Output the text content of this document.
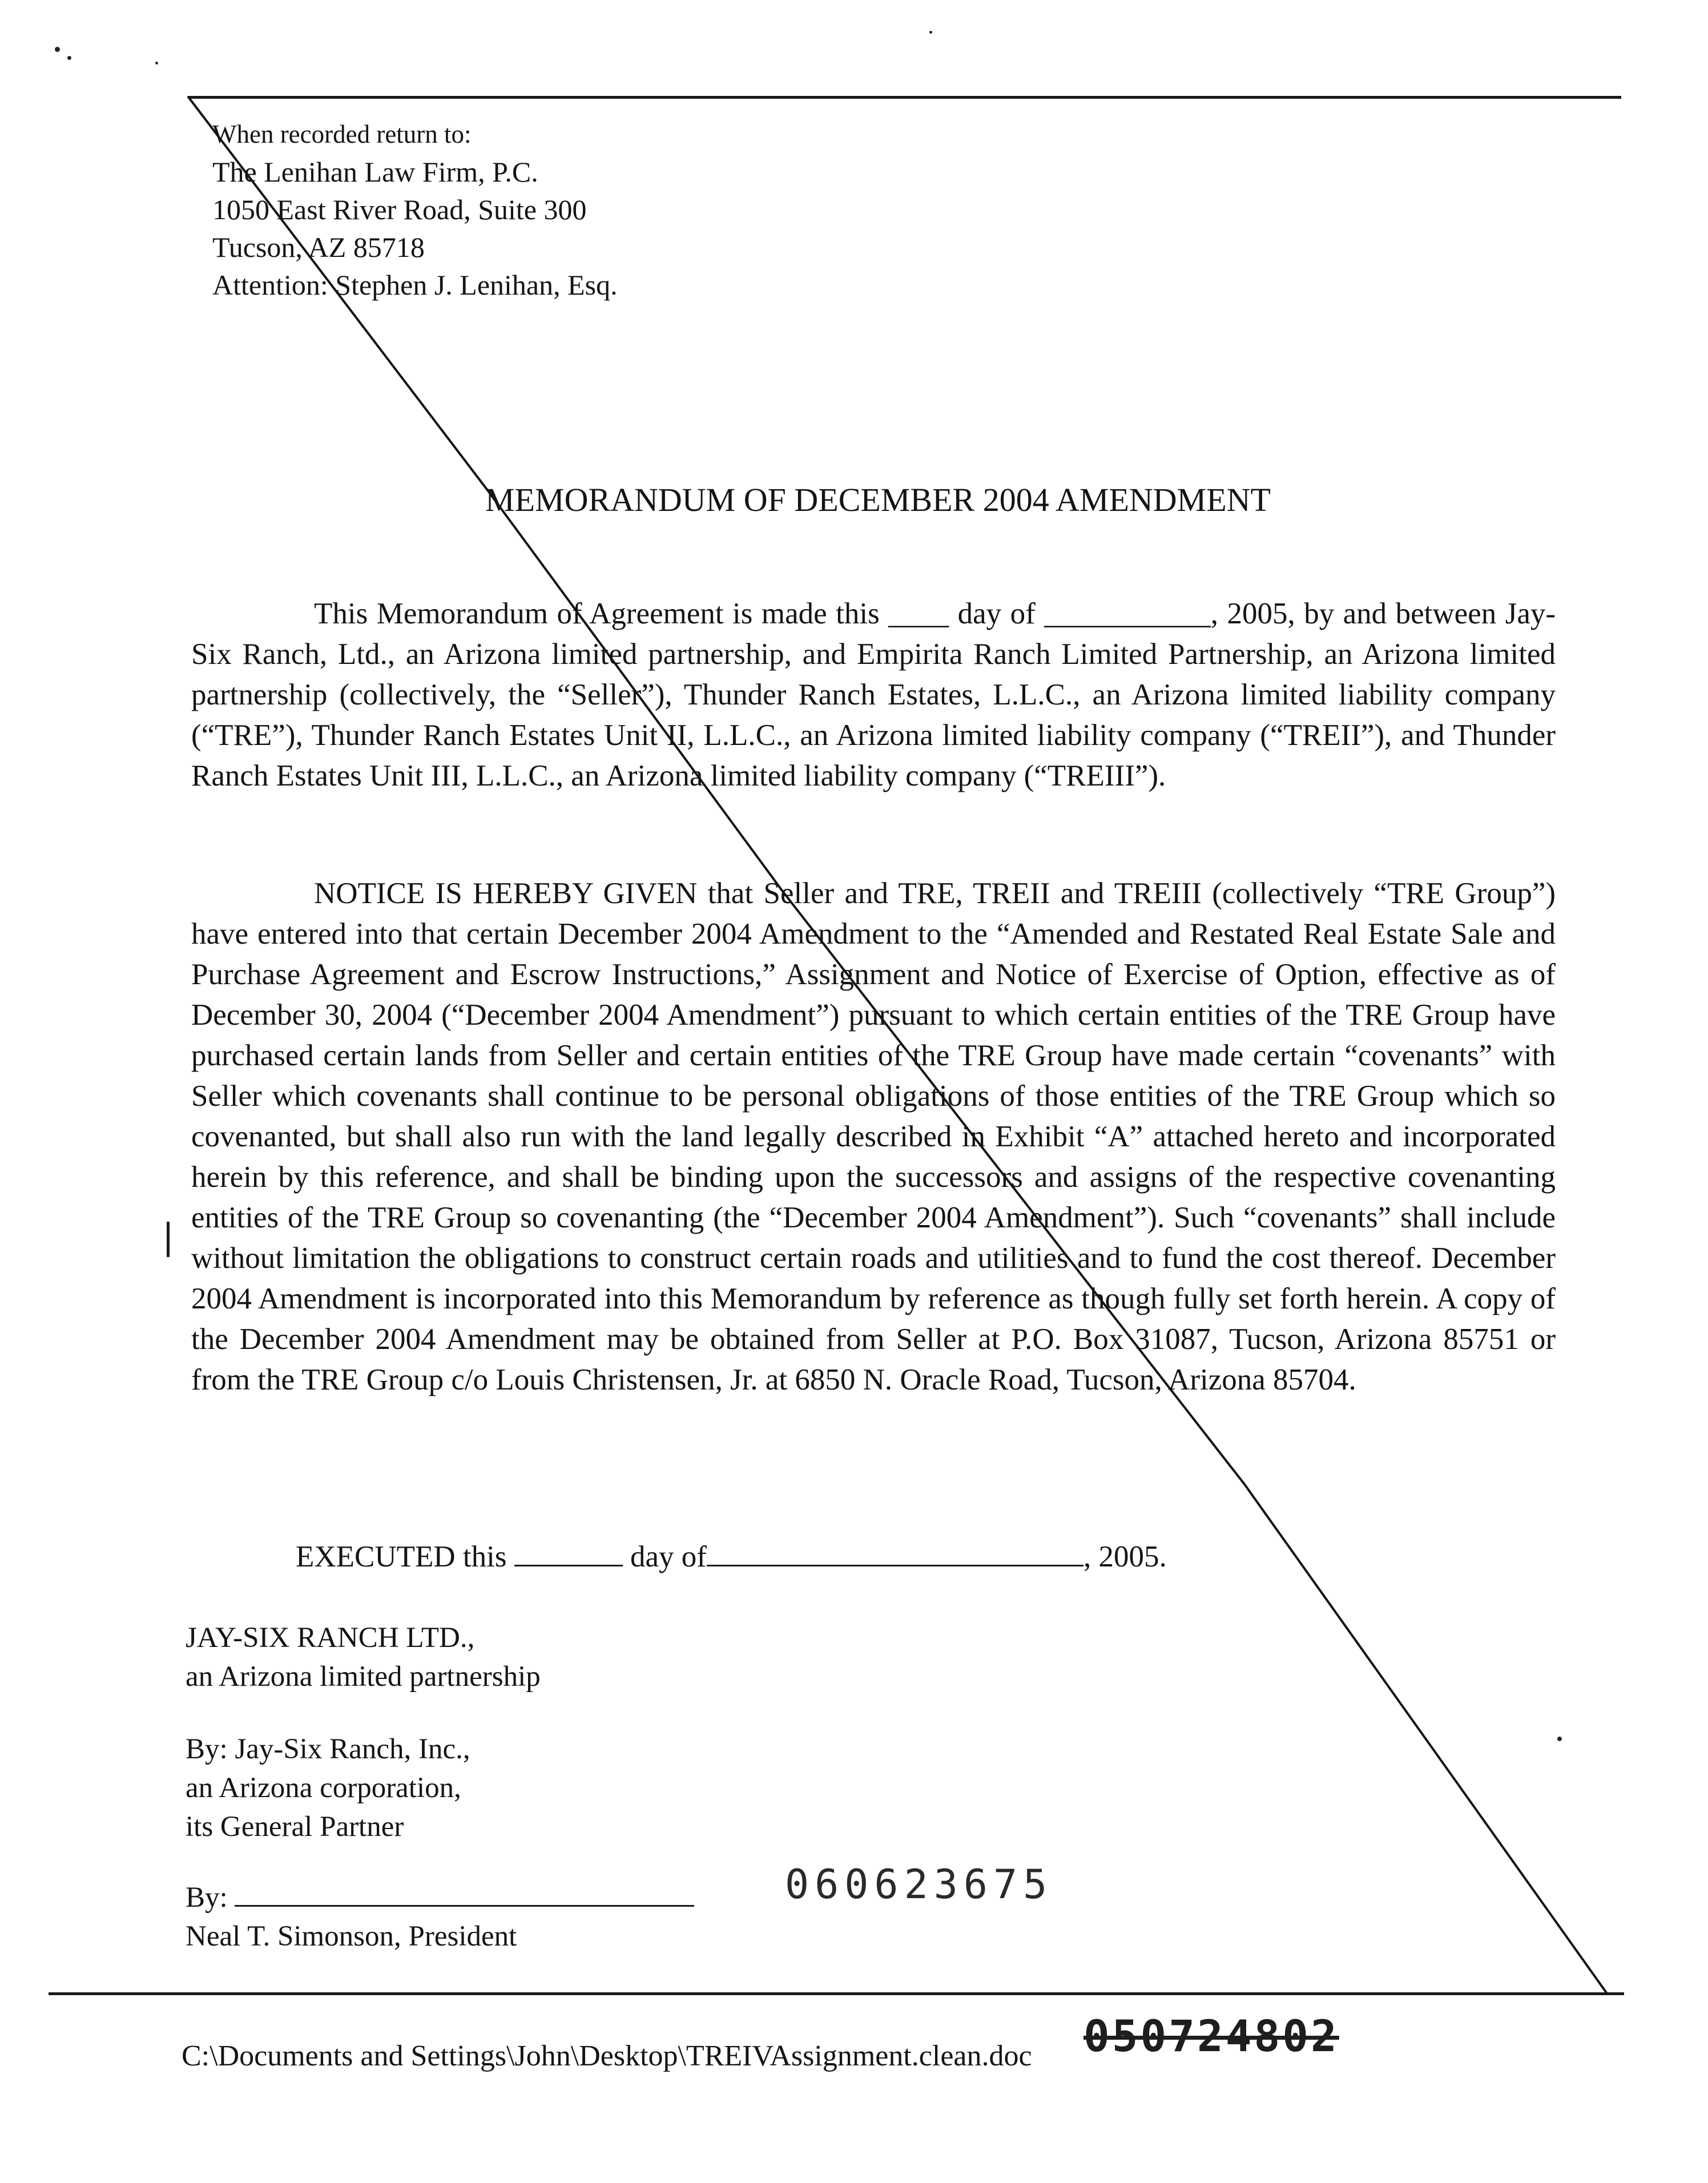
When recorded return to:
The Lenihan Law Firm, P.C.
1050 East River Road, Suite 300
Tucson, AZ 85718
Attention: Stephen J. Lenihan, Esq.
MEMORANDUM OF DECEMBER 2004 AMENDMENT

This Memorandum of Agreement is made this ____ day of ___________, 2005, by and between Jay-Six Ranch, Ltd., an Arizona limited partnership, and Empirita Ranch Limited Partnership, an Arizona limited partnership (collectively, the “Seller”), Thunder Ranch Estates, L.L.C., an Arizona limited liability company (“TRE”), Thunder Ranch Estates Unit II, L.L.C., an Arizona limited liability company (“TREII”), and Thunder Ranch Estates Unit III, L.L.C., an Arizona limited liability company (“TREIII”).

NOTICE IS HEREBY GIVEN that Seller and TRE, TREII and TREIII (collectively “TRE Group”) have entered into that certain December 2004 Amendment to the “Amended and Restated Real Estate Sale and Purchase Agreement and Escrow Instructions,” Assignment and Notice of Exercise of Option, effective as of December 30, 2004 (“December 2004 Amendment”) pursuant to which certain entities of the TRE Group have purchased certain lands from Seller and certain entities of the TRE Group have made certain “covenants” with Seller which covenants shall continue to be personal obligations of those entities of the TRE Group which so covenanted, but shall also run with the land legally described in Exhibit “A” attached hereto and incorporated herein by this reference, and shall be binding upon the successors and assigns of the respective covenanting entities of the TRE Group so covenanting (the “December 2004 Amendment”). Such “covenants” shall include without limitation the obligations to construct certain roads and utilities and to fund the cost thereof. December 2004 Amendment is incorporated into this Memorandum by reference as though fully set forth herein. A copy of the December 2004 Amendment may be obtained from Seller at P.O. Box 31087, Tucson, Arizona 85751 or from the TRE Group c/o Louis Christensen, Jr. at 6850 N. Oracle Road, Tucson, Arizona 85704.

EXECUTED this	day of	, 2005.
JAY-SIX RANCH LTD.,
an Arizona limited partnership
By: Jay-Six Ranch, Inc.,
an Arizona corporation,
its General Partner
By:
Neal T. Simonson, President
060623675
C:\Documents and Settings\John\Desktop\TREIVAssignment.clean.doc 050724802
